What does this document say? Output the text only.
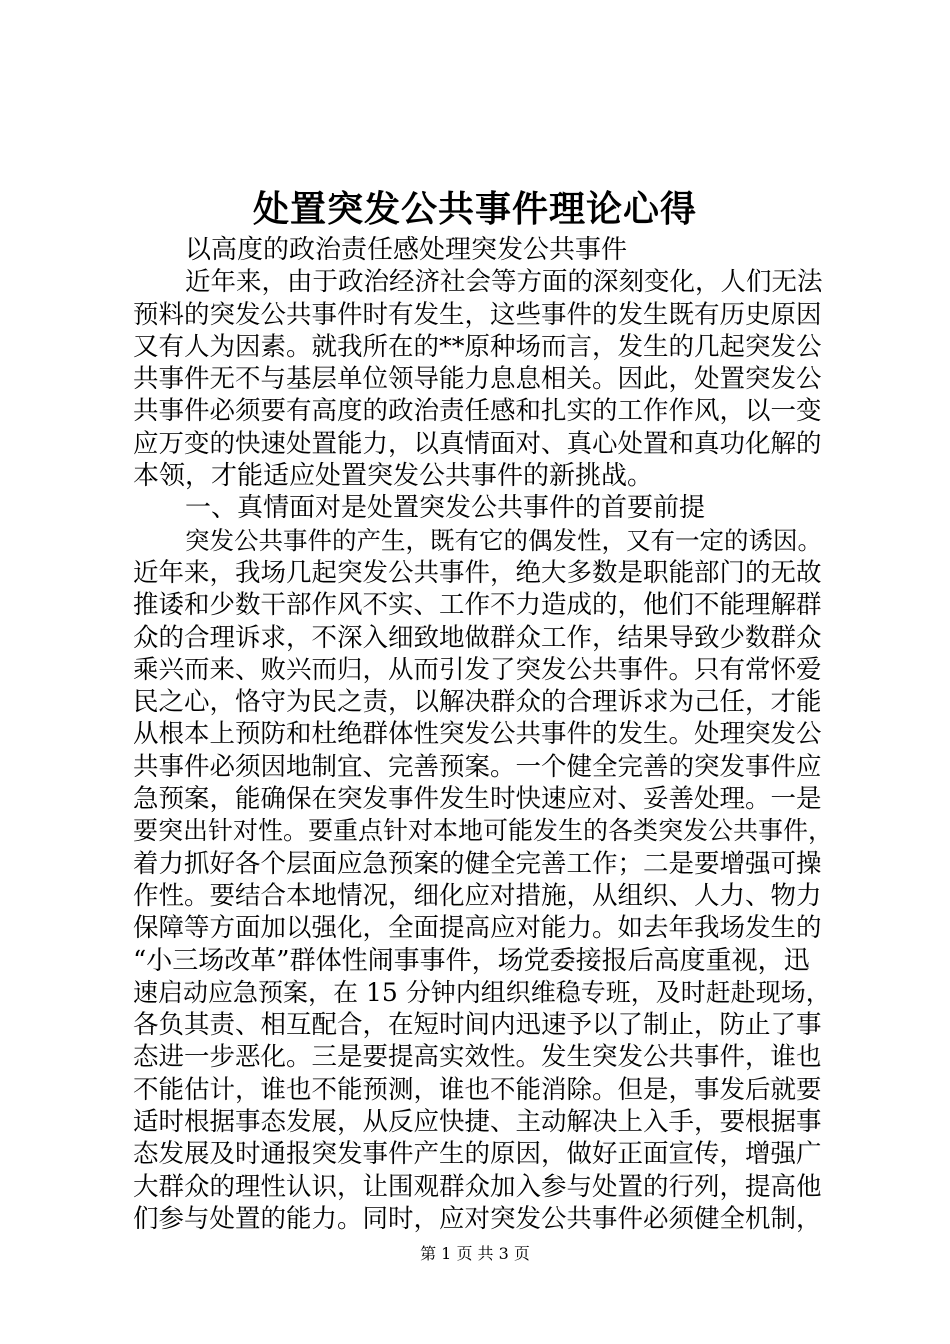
处置突发公共事件理论心得

以高度的政治责任感处理突发公共事件

近年来，由于政治经济社会等方面的深刻变化，人们无法

预料的突发公共事件时有发生，这些事件的发生既有历史原因

又有人为因素。就我所在的**原种场而言，发生的几起突发公

共事件无不与基层单位领导能力息息相关。因此，处置突发公

共事件必须要有高度的政治责任感和扎实的工作作风，以一变

应万变的快速处置能力，以真情面对、真心处置和真功化解的

本领，才能适应处置突发公共事件的新挑战。

一、真情面对是处置突发公共事件的首要前提

突发公共事件的产生，既有它的偶发性，又有一定的诱因。

近年来，我场几起突发公共事件，绝大多数是职能部门的无故

推诿和少数干部作风不实、工作不力造成的，他们不能理解群

众的合理诉求，不深入细致地做群众工作，结果导致少数群众

乘兴而来、败兴而归，从而引发了突发公共事件。只有常怀爱

民之心，恪守为民之责，以解决群众的合理诉求为己任，才能

从根本上预防和杜绝群体性突发公共事件的发生。处理突发公

共事件必须因地制宜、完善预案。一个健全完善的突发事件应

急预案，能确保在突发事件发生时快速应对、妥善处理。一是

要突出针对性。要重点针对本地可能发生的各类突发公共事件，

着力抓好各个层面应急预案的健全完善工作；二是要增强可操

作性。要结合本地情况，细化应对措施，从组织、人力、物力

保障等方面加以强化，全面提高应对能力。如去年我场发生的

“小三场改革”群体性闹事事件，场党委接报后高度重视，迅

速启动应急预案，在 15 分钟内组织维稳专班，及时赶赴现场，

各负其责、相互配合，在短时间内迅速予以了制止，防止了事

态进一步恶化。三是要提高实效性。发生突发公共事件，谁也

不能估计，谁也不能预测，谁也不能消除。但是，事发后就要

适时根据事态发展，从反应快捷、主动解决上入手，要根据事

态发展及时通报突发事件产生的原因，做好正面宣传，增强广

大群众的理性认识，让围观群众加入参与处置的行列，提高他

们参与处置的能力。同时，应对突发公共事件必须健全机制，

第 1 页 共 3 页
